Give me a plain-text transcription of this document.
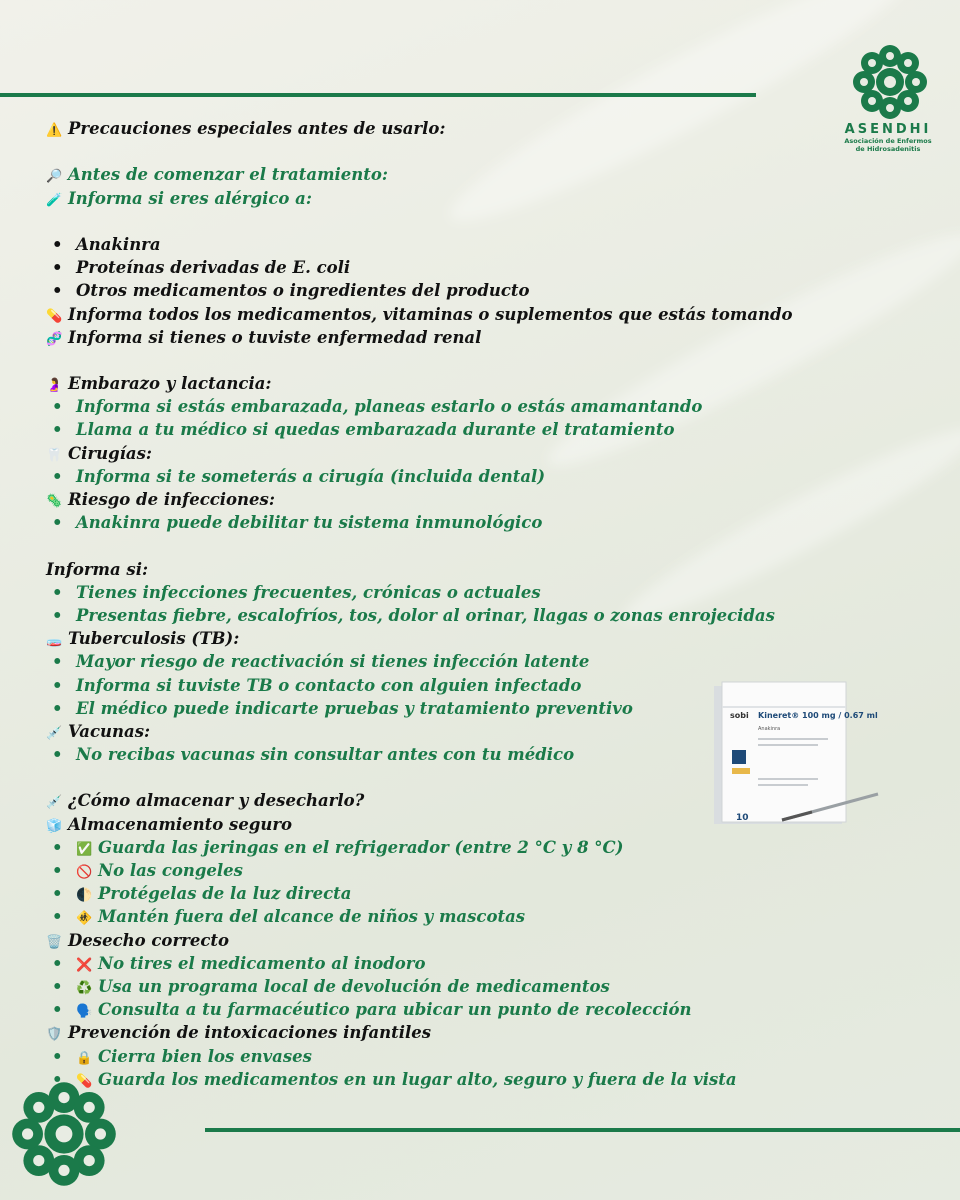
ASENDHI
Asociación de Enfermos
de Hidrosadenitis
sobi Kineret® 100 mg / 0.67 ml
Anakinra
10
⚠️ Precauciones especiales antes de usarlo:
🔎 Antes de comenzar el tratamiento:
🧪 Informa si eres alérgico a:
• Anakinra
• Proteínas derivadas de E. coli
• Otros medicamentos o ingredientes del producto
💊 Informa todos los medicamentos, vitaminas o suplementos que estás tomando
🧬 Informa si tienes o tuviste enfermedad renal
🤰 Embarazo y lactancia:
• Informa si estás embarazada, planeas estarlo o estás amamantando
• Llama a tu médico si quedas embarazada durante el tratamiento
🦷 Cirugías:
• Informa si te someterás a cirugía (incluida dental)
🦠 Riesgo de infecciones:
• Anakinra puede debilitar tu sistema inmunológico
Informa si:
• Tienes infecciones frecuentes, crónicas o actuales
• Presentas fiebre, escalofríos, tos, dolor al orinar, llagas o zonas enrojecidas
🧫 Tuberculosis (TB):
• Mayor riesgo de reactivación si tienes infección latente
• Informa si tuviste TB o contacto con alguien infectado
• El médico puede indicarte pruebas y tratamiento preventivo
💉 Vacunas:
• No recibas vacunas sin consultar antes con tu médico
💉 ¿Cómo almacenar y desecharlo?
🧊 Almacenamiento seguro
• ✅ Guarda las jeringas en el refrigerador (entre 2 °C y 8 °C)
• 🚫 No las congeles
• 🌓 Protégelas de la luz directa
• 🚸 Mantén fuera del alcance de niños y mascotas
🗑️ Desecho correcto
• ❌ No tires el medicamento al inodoro
• ♻️ Usa un programa local de devolución de medicamentos
• 🗣️ Consulta a tu farmacéutico para ubicar un punto de recolección
🛡️ Prevención de intoxicaciones infantiles
• 🔒 Cierra bien los envases
• 💊 Guarda los medicamentos en un lugar alto, seguro y fuera de la vista
